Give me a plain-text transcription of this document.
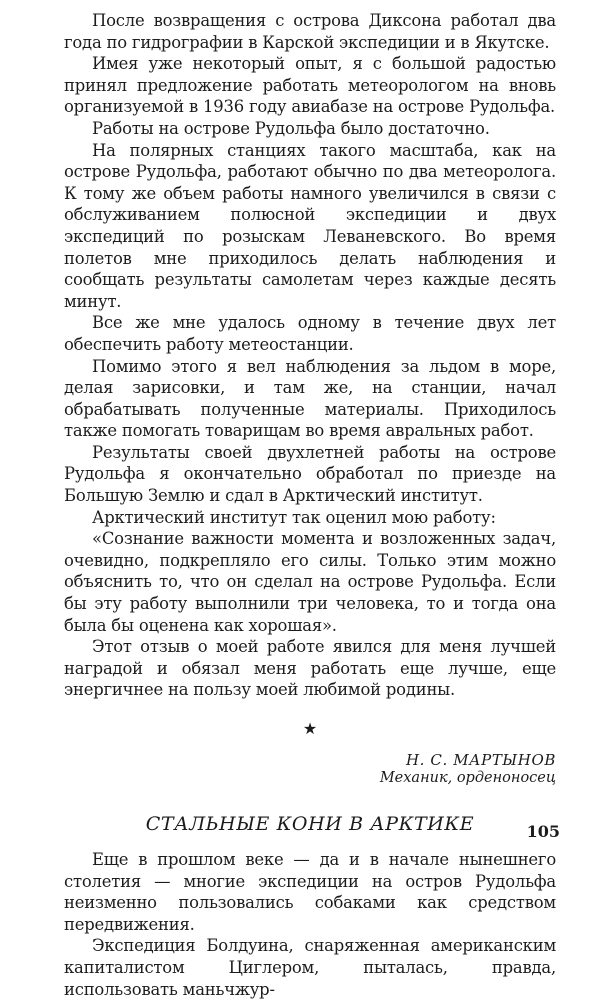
После возвращения с острова Диксона работал два года по гидрографии в Карской экспедиции и в Якутске.

Имея уже некоторый опыт, я с большой радостью принял предложение работать метеорологом на вновь организуемой в 1936 году авиабазе на острове Рудольфа.

Работы на острове Рудольфа было достаточно.

На полярных станциях такого масштаба, как на острове Рудольфа, работают обычно по два метеоролога. К тому же объем работы намного увеличился в связи с обслуживанием полюсной экспедиции и двух экспедиций по розыскам Леваневского. Во время полетов мне приходилось делать наблюдения и сообщать результаты самолетам через каждые десять минут.

Все же мне удалось одному в течение двух лет обеспечить работу метеостанции.

Помимо этого я вел наблюдения за льдом в море, делая зарисовки, и там же, на станции, начал обрабатывать полученные материалы. Приходилось также помогать товарищам во время авральных работ.

Результаты своей двухлетней работы на острове Рудольфа я окончательно обработал по приезде на Большую Землю и сдал в Арктический институт.

Арктический институт так оценил мою работу:

«Сознание важности момента и возложенных задач, очевидно, подкрепляло его силы. Только этим можно объяснить то, что он сделал на острове Рудольфа. Если бы эту работу выполнили три человека, то и тогда она была бы оценена как хорошая».

Этот отзыв о моей работе явился для меня лучшей наградой и обязал меня работать еще лучше, еще энергичнее на пользу моей любимой родины.

★
Н. С. МАРТЫНОВ
Механик, орденоносец
СТАЛЬНЫЕ КОНИ В АРКТИКЕ

Еще в прошлом веке — да и в начале нынешнего столетия — многие экспедиции на остров Рудольфа неизменно пользовались собаками как средством передвижения.

Экспедиция Болдуина, снаряженная американским капиталистом Циглером, пыталась, правда, использовать маньчжур-

105
